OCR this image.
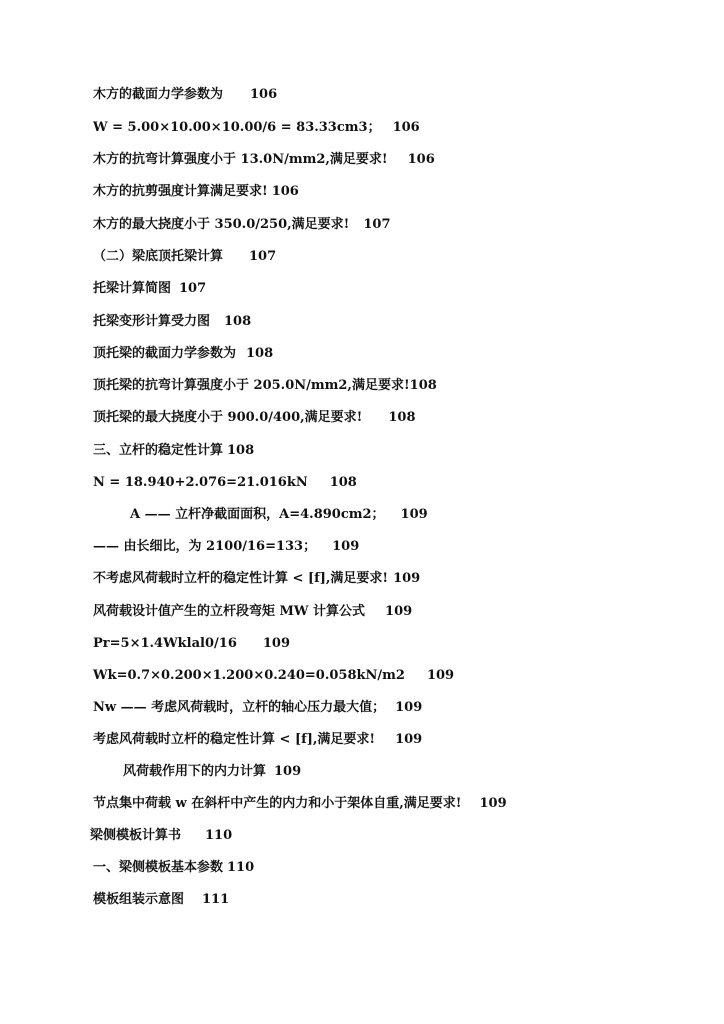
木方的截面力学参数为 106
W = 5.00×10.00×10.00/6 = 83.33cm3； 106
木方的抗弯计算强度小于 13.0N/mm2,满足要求! 106
木方的抗剪强度计算满足要求! 106
木方的最大挠度小于 350.0/250,满足要求! 107
（二）梁底顶托梁计算 107
托梁计算简图 107
托梁变形计算受力图 108
顶托梁的截面力学参数为 108
顶托梁的抗弯计算强度小于 205.0N/mm2,满足要求!108
顶托梁的最大挠度小于 900.0/400,满足要求! 108
三、立杆的稳定性计算 108
N = 18.940+2.076=21.016kN 108
A —— 立杆净截面面积，A=4.890cm2； 109
—— 由长细比，为 2100/16=133； 109
不考虑风荷载时立杆的稳定性计算 < [f],满足要求! 109
风荷载设计值产生的立杆段弯矩 MW 计算公式 109
Pr=5×1.4Wklal0/16 109
Wk=0.7×0.200×1.200×0.240=0.058kN/m2 109
Nw —— 考虑风荷载时，立杆的轴心压力最大值； 109
考虑风荷载时立杆的稳定性计算 < [f],满足要求! 109
风荷载作用下的内力计算 109
节点集中荷载 w 在斜杆中产生的内力和小于架体自重,满足要求! 109
梁侧模板计算书 110
一、梁侧模板基本参数 110
模板组装示意图 111
